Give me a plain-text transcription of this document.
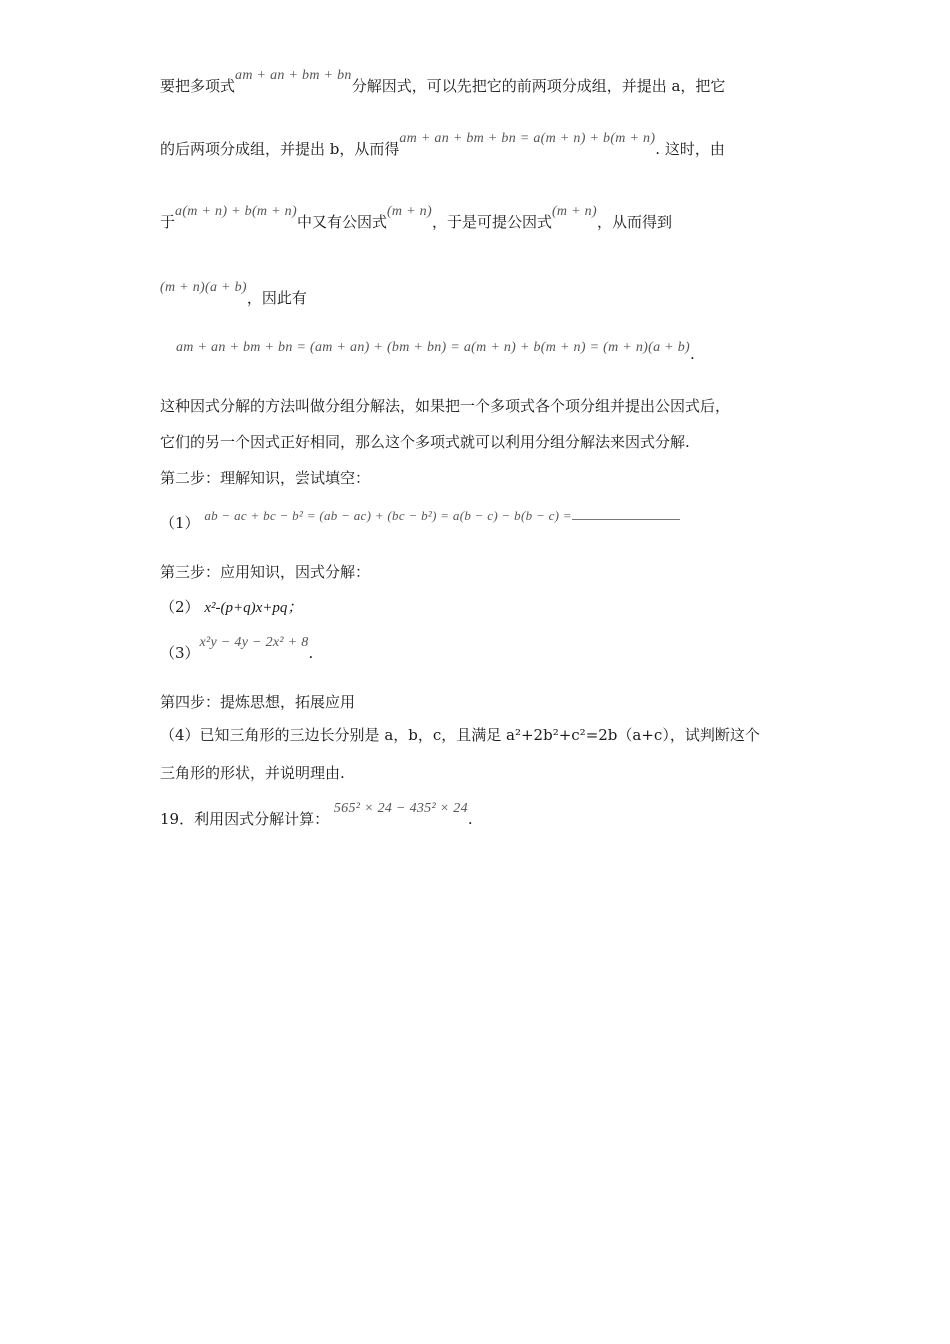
要把多项式am + an + bm + bn分解因式，可以先把它的前两项分成组，并提出 a，把它
的后两项分成组，并提出 b，从而得am + an + bm + bn = a(m + n) + b(m + n). 这时，由
于a(m + n) + b(m + n)中又有公因式(m + n)，于是可提公因式(m + n)，从而得到
(m + n)(a + b)，因此有
am + an + bm + bn = (am + an) + (bm + bn) = a(m + n) + b(m + n) = (m + n)(a + b).
这种因式分解的方法叫做分组分解法，如果把一个多项式各个项分组并提出公因式后，
它们的另一个因式正好相同，那么这个多项式就可以利用分组分解法来因式分解.
第二步：理解知识，尝试填空：
（1） ab − ac + bc − b² = (ab − ac) + (bc − b²) = a(b − c) − b(b − c) =
第三步：应用知识，因式分解：
（2） x²-(p+q)x+pq；
（3）x²y − 4y − 2x² + 8.
第四步：提炼思想，拓展应用
（4）已知三角形的三边长分别是 a，b，c，且满足 a²+2b²+c²=2b（a+c），试判断这个
三角形的形状，并说明理由.
19．利用因式分解计算： 565² × 24 − 435² × 24.
